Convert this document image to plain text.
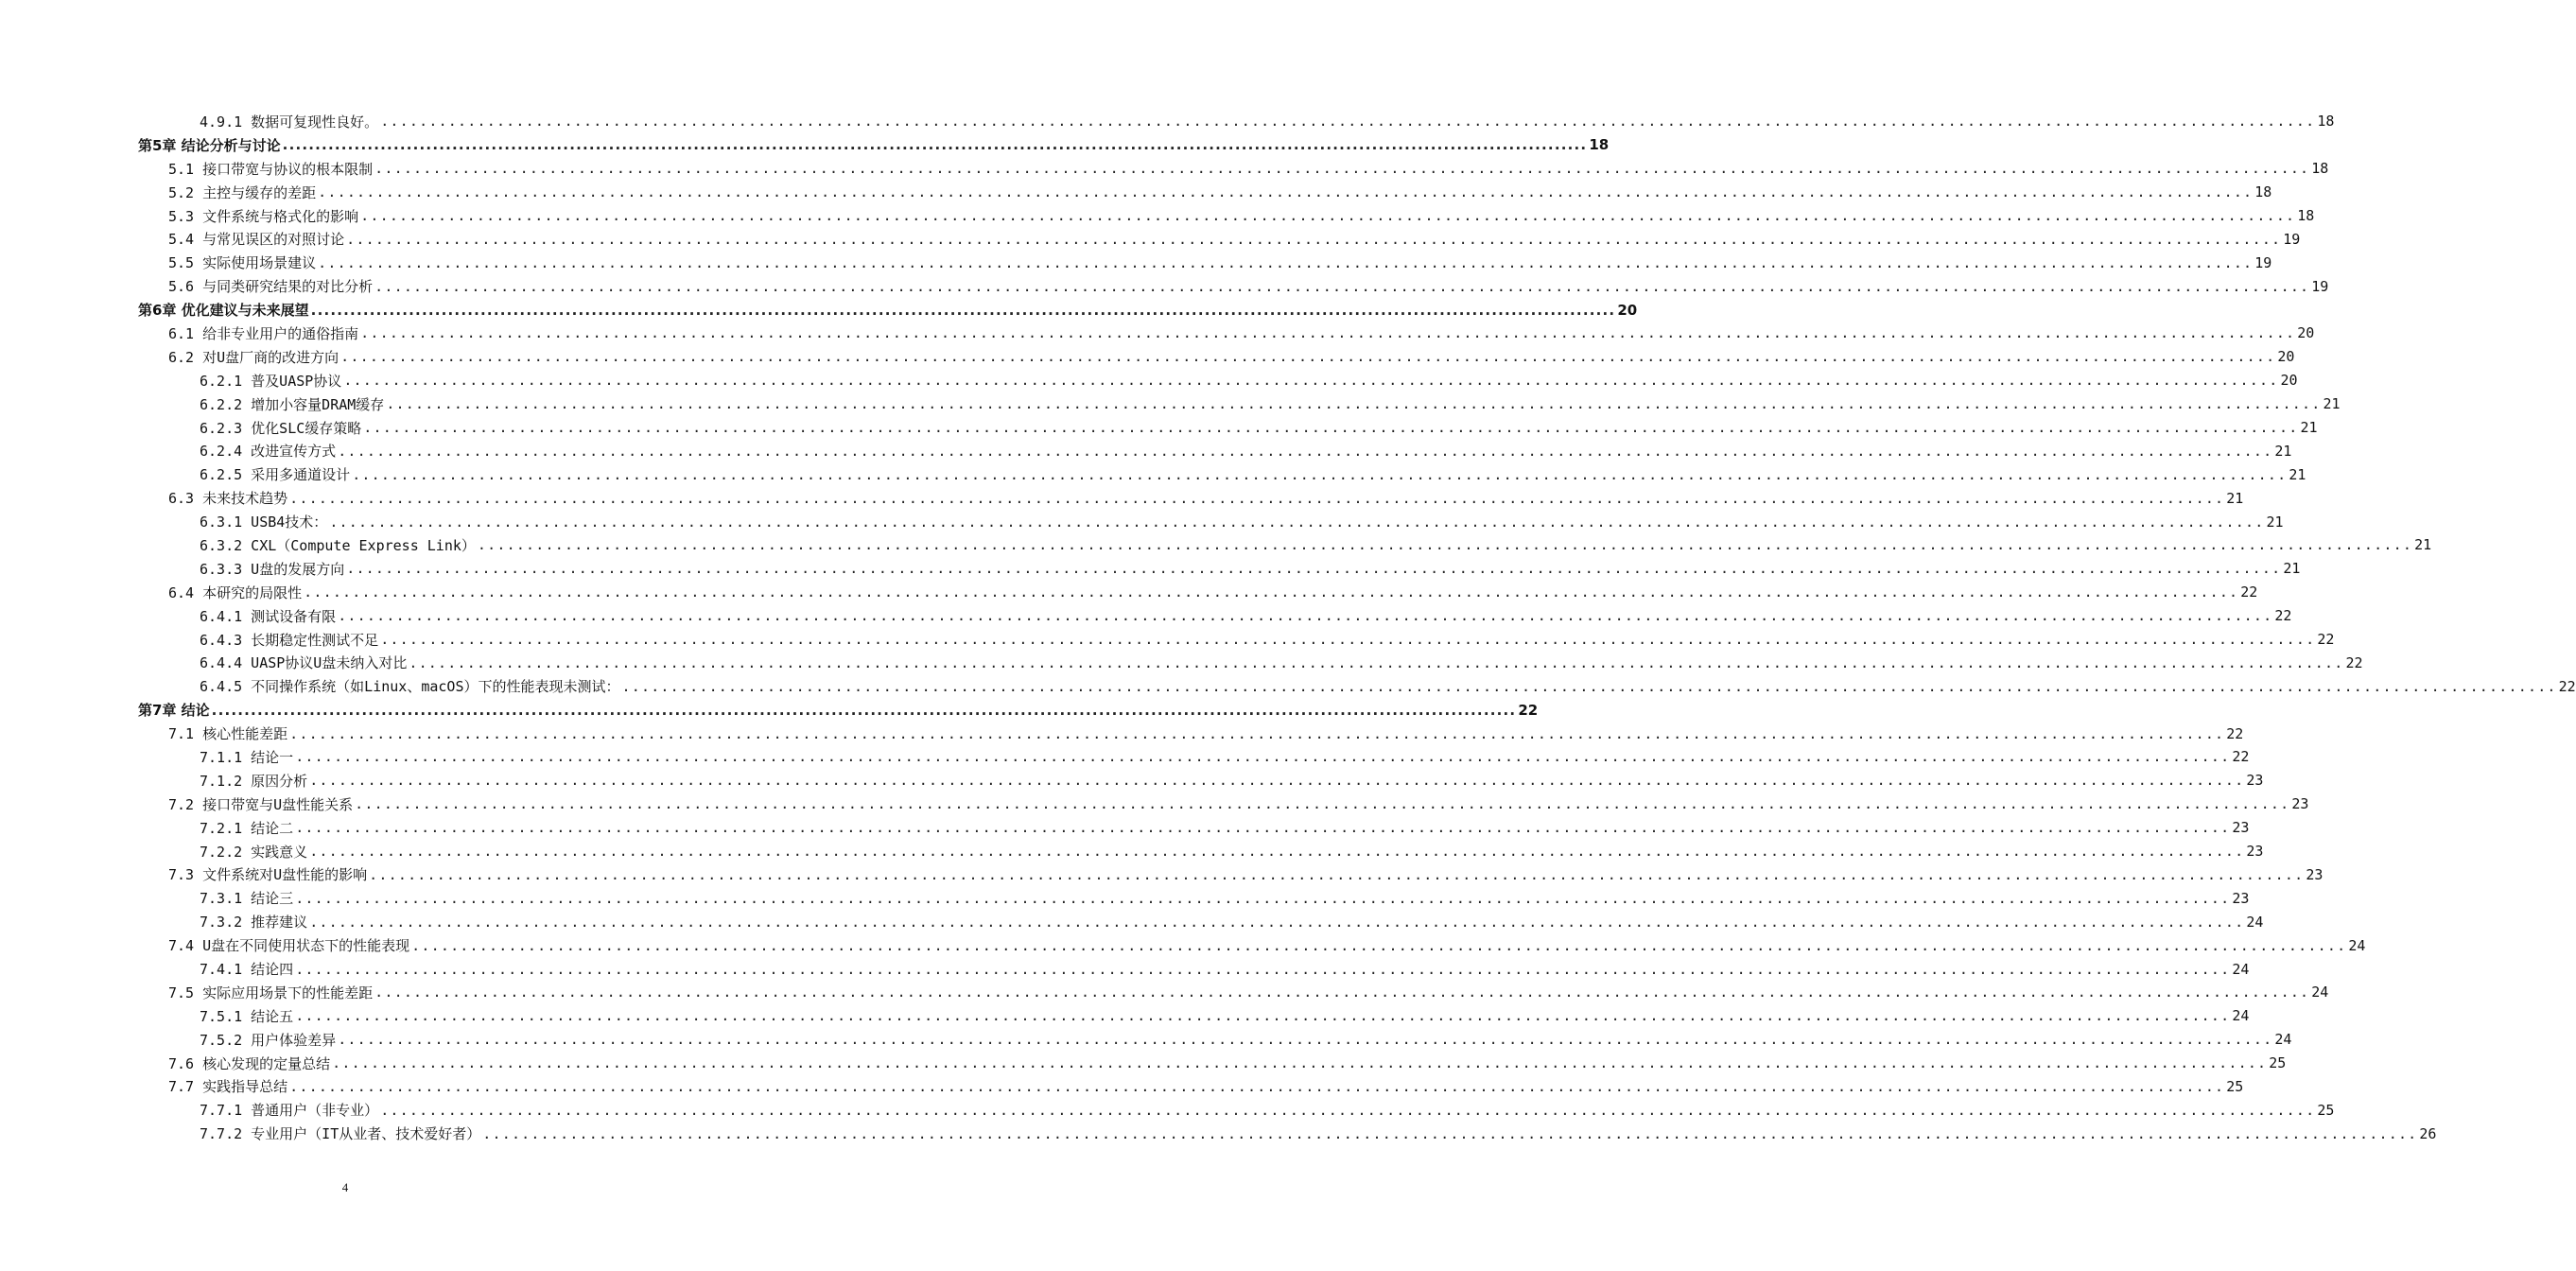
4.9.1 数据可复现性良好。 ........................................................................................................................................................................................................ 18
第5章 结论分析与讨论 ........................................................................................................................................................................................................ 18
5.1 接口带宽与协议的根本限制 ........................................................................................................................................................................................................ 18
5.2 主控与缓存的差距 ........................................................................................................................................................................................................ 18
5.3 文件系统与格式化的影响 ........................................................................................................................................................................................................ 18
5.4 与常见误区的对照讨论 ........................................................................................................................................................................................................ 19
5.5 实际使用场景建议 ........................................................................................................................................................................................................ 19
5.6 与同类研究结果的对比分析 ........................................................................................................................................................................................................ 19
第6章 优化建议与未来展望 ........................................................................................................................................................................................................ 20
6.1 给非专业用户的通俗指南 ........................................................................................................................................................................................................ 20
6.2 对U盘厂商的改进方向 ........................................................................................................................................................................................................ 20
6.2.1 普及UASP协议 ........................................................................................................................................................................................................ 20
6.2.2 增加小容量DRAM缓存 ........................................................................................................................................................................................................ 21
6.2.3 优化SLC缓存策略 ........................................................................................................................................................................................................ 21
6.2.4 改进宣传方式 ........................................................................................................................................................................................................ 21
6.2.5 采用多通道设计 ........................................................................................................................................................................................................ 21
6.3 未来技术趋势 ........................................................................................................................................................................................................ 21
6.3.1 USB4技术： ........................................................................................................................................................................................................ 21
6.3.2 CXL（Compute Express Link） ........................................................................................................................................................................................................ 21
6.3.3 U盘的发展方向 ........................................................................................................................................................................................................ 21
6.4 本研究的局限性 ........................................................................................................................................................................................................ 22
6.4.1 测试设备有限 ........................................................................................................................................................................................................ 22
6.4.3 长期稳定性测试不足 ........................................................................................................................................................................................................ 22
6.4.4 UASP协议U盘未纳入对比 ........................................................................................................................................................................................................ 22
6.4.5 不同操作系统（如Linux、macOS）下的性能表现未测试： ........................................................................................................................................................................................................ 22
第7章 结论 ........................................................................................................................................................................................................ 22
7.1 核心性能差距 ........................................................................................................................................................................................................ 22
7.1.1 结论一 ........................................................................................................................................................................................................ 22
7.1.2 原因分析 ........................................................................................................................................................................................................ 23
7.2 接口带宽与U盘性能关系 ........................................................................................................................................................................................................ 23
7.2.1 结论二 ........................................................................................................................................................................................................ 23
7.2.2 实践意义 ........................................................................................................................................................................................................ 23
7.3 文件系统对U盘性能的影响 ........................................................................................................................................................................................................ 23
7.3.1 结论三 ........................................................................................................................................................................................................ 23
7.3.2 推荐建议 ........................................................................................................................................................................................................ 24
7.4 U盘在不同使用状态下的性能表现 ........................................................................................................................................................................................................ 24
7.4.1 结论四 ........................................................................................................................................................................................................ 24
7.5 实际应用场景下的性能差距 ........................................................................................................................................................................................................ 24
7.5.1 结论五 ........................................................................................................................................................................................................ 24
7.5.2 用户体验差异 ........................................................................................................................................................................................................ 24
7.6 核心发现的定量总结 ........................................................................................................................................................................................................ 25
7.7 实践指导总结 ........................................................................................................................................................................................................ 25
7.7.1 普通用户（非专业） ........................................................................................................................................................................................................ 25
7.7.2 专业用户（IT从业者、技术爱好者） ........................................................................................................................................................................................................ 26
4
